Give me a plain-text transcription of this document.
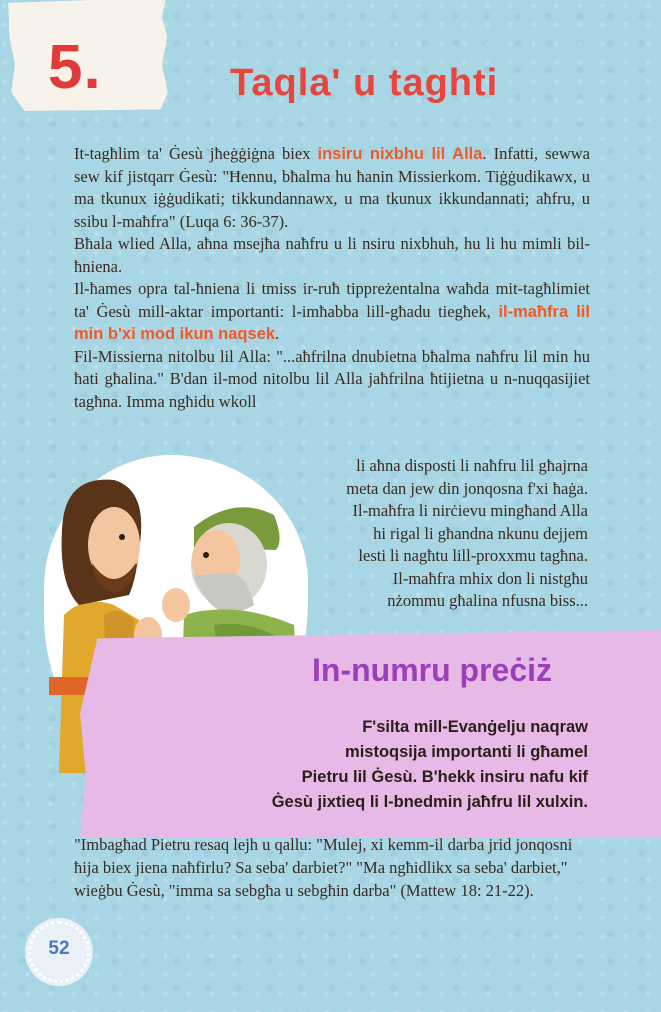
5.	Taqla' u taghti

It-tagħlim ta' Ġesù jħeġġiġna biex insiru nixbhu lil Alla. Infatti, sewwa sew kif jistqarr Ġesù: "Ħennu, bħalma hu ħanin Missierkom. Tiġġudikawx, u ma tkunux iġġudikati; tikkundannawx, u ma tkunux ikkundannati; aħfru, u ssibu l-maħfra" (Luqa 6: 36-37).

Bħala wlied Alla, aħna msejħa naħfru u li nsiru nixbhuh, hu li hu mimli bil-ħniena.

Il-ħames opra tal-ħniena li tmiss ir-ruħ tippreżentalna waħda mit-tagħlimiet ta' Ġesù mill-aktar importanti: l-imħabba lill-għadu tiegħek, il-maħfra lil min b'xi mod ikun naqsek.

Fil-Missierna nitolbu lil Alla: "...aħfrilna dnubietna bħalma naħfru lil min hu ħati għalina." B'dan il-mod nitolbu lil Alla jaħfrilna ħtijietna u n-nuqqasijiet tagħna. Imma ngħidu wkoll

li aħna disposti li naħfru lil għajrna
meta dan jew din jonqosna f'xi ħaġa.
Il-maħfra li nirċievu mingħand Alla
hi rigal li għandna nkunu dejjem
lesti li nagħtu lill-proxxmu tagħna.
Il-maħfra mhix don li nistgħu
nżommu għalina nfusna biss...
In-numru preċiż
F'silta mill-Evanġelju naqraw
mistoqsija importanti li għamel
Pietru lil Ġesù. B'hekk insiru nafu kif
Ġesù jixtieq li l-bnedmin jaħfru lil xulxin.
"Imbagħad Pietru resaq lejh u qallu: "Mulej, xi kemm-il darba jrid jonqosni ħija biex jiena naħfirlu? Sa seba' darbiet?" "Ma ngħidlikx sa seba' darbiet," wieġbu Ġesù, "imma sa sebgħa u sebgħin darba" (Mattew 18: 21-22).
52
